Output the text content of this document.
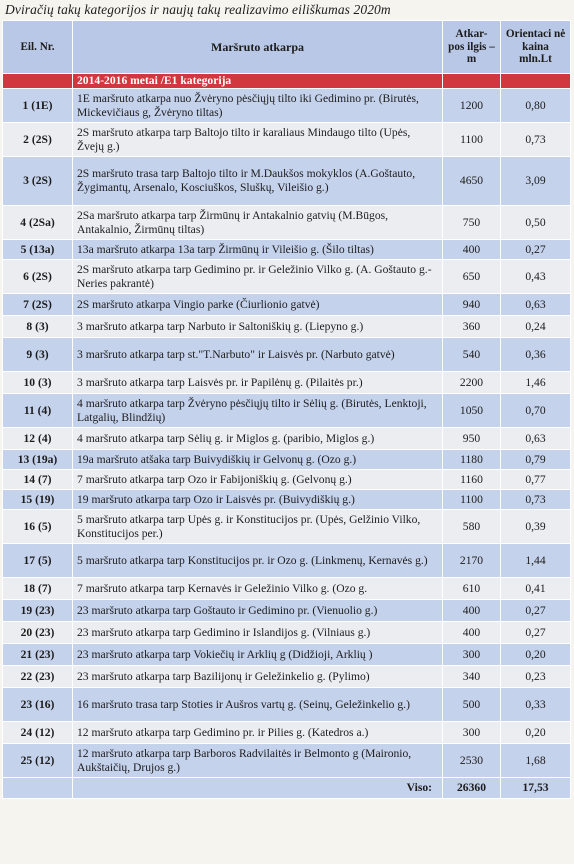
Dviračių takų kategorijos ir naujų takų realizavimo eiliškumas 2020m
Eil. Nr.	Maršruto atkarpa	Atkar- pos ilgis – m	Orientaci nė kaina mln.Lt
	2014-2016 metai /E1 kategorija		
1 (1E)	1E maršruto atkarpa nuo Žvėryno pėsčiųjų tilto iki Gedimino pr. (Birutės, Mickevičiaus g, Žvėryno tiltas)	1200	0,80
2 (2S)	2S maršruto atkarpa tarp Baltojo tilto ir karaliaus Mindaugo tilto (Upės, Žvejų g.)	1100	0,73
3 (2S)	2S maršruto trasa tarp Baltojo tilto ir M.Daukšos mokyklos (A.Goštauto, Žygimantų, Arsenalo, Kosciuškos, Sluškų, Vileišio g.)	4650	3,09
4 (2Sa)	2Sa maršruto atkarpa tarp Žirmūnų ir Antakalnio gatvių (M.Būgos, Antakalnio, Žirmūnų tiltas)	750	0,50
5 (13a)	13a maršruto atkarpa 13a tarp Žirmūnų ir Vileišio g. (Šilo tiltas)	400	0,27
6 (2S)	2S maršruto atkarpa tarp Gedimino pr. ir Geležinio Vilko g. (A. Goštauto g.-Neries pakrantė)	650	0,43
7 (2S)	2S maršruto atkarpa Vingio parke (Čiurlionio gatvė)	940	0,63
8 (3)	3 maršruto atkarpa tarp Narbuto ir Saltoniškių g. (Liepyno g.)	360	0,24
9 (3)	3 maršruto atkarpa tarp st."T.Narbuto" ir Laisvės pr. (Narbuto gatvė)	540	0,36
10 (3)	3 maršruto atkarpa tarp Laisvės pr. ir Papilėnų g. (Pilaitės pr.)	2200	1,46
11 (4)	4 maršruto atkarpa tarp Žvėryno pėsčiųjų tilto ir Sėlių g. (Birutės, Lenktoji, Latgalių, Blindžių)	1050	0,70
12 (4)	4 maršruto atkarpa tarp Sėlių g. ir Miglos g. (paribio, Miglos g.)	950	0,63
13 (19a)	19a maršruto atšaka tarp Buivydiškių ir Gelvonų g. (Ozo g.)	1180	0,79
14 (7)	7 maršruto atkarpa tarp Ozo ir Fabijoniškių g. (Gelvonų g.)	1160	0,77
15 (19)	19 maršruto atkarpa tarp Ozo ir Laisvės pr. (Buivydiškių g.)	1100	0,73
16 (5)	5 maršruto atkarpa tarp Upės g. ir Konstitucijos pr. (Upės, Gelžinio Vilko, Konstitucijos per.)	580	0,39
17 (5)	5 maršruto atkarpa tarp Konstitucijos pr. ir Ozo g. (Linkmenų, Kernavės g.)	2170	1,44
18 (7)	7 maršruto atkarpa tarp Kernavės ir Geležinio Vilko g. (Ozo g.	610	0,41
19 (23)	23 maršruto atkarpa tarp Goštauto ir Gedimino pr. (Vienuolio g.)	400	0,27
20 (23)	23 maršruto atkarpa tarp Gedimino ir Islandijos g. (Vilniaus g.)	400	0,27
21 (23)	23 maršruto atkarpa tarp Vokiečių ir Arklių g (Didžioji, Arklių )	300	0,20
22 (23)	23 maršruto atkarpa tarp Bazilijonų ir Geležinkelio g. (Pylimo)	340	0,23
23 (16)	16 maršruto trasa tarp Stoties ir Aušros vartų g. (Seinų, Geležinkelio g.)	500	0,33
24 (12)	12 maršruto atkarpa tarp Gedimino pr. ir Pilies g. (Katedros a.)	300	0,20
25 (12)	12 maršruto atkarpa tarp Barboros Radvilaitės ir Belmonto g (Maironio, Aukštaičių, Drujos g.)	2530	1,68
	Viso:	26360	17,53
